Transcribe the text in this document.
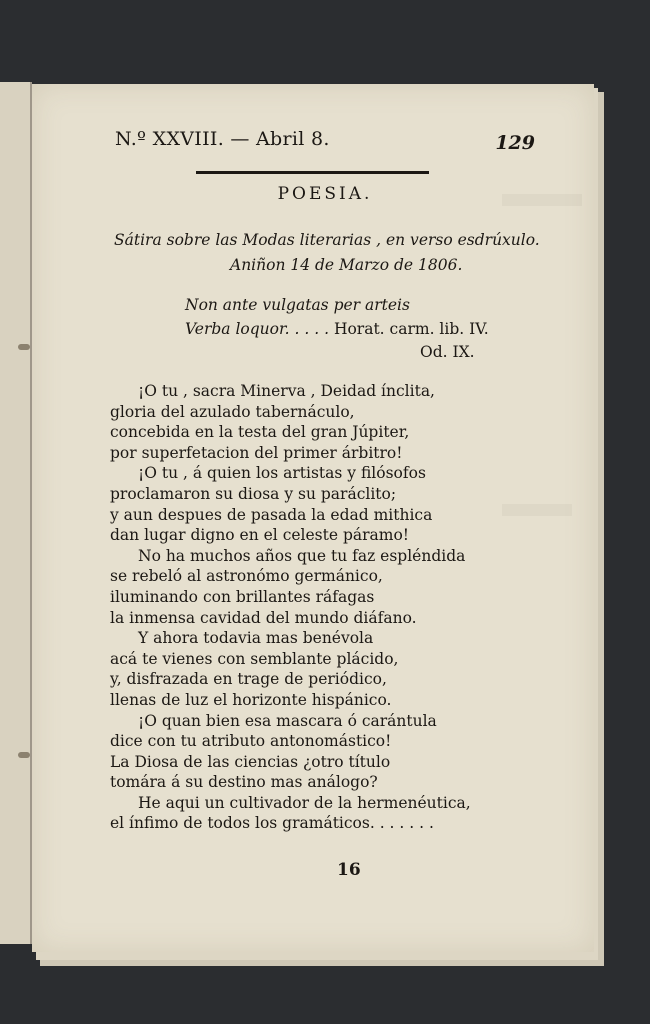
N.º XXVIII. — Abril 8.	129
POESIA.
Sátira sobre las Modas literarias , en verso esdrúxulo.
Aniñon 14 de Marzo de 1806.
Non ante vulgatas per arteis
Verba loquor. . . . . Horat. carm. lib. IV.
Od. IX.
¡O tu , sacra Minerva , Deidad ínclita,
gloria del azulado tabernáculo,
concebida en la testa del gran Júpiter,
por superfetacion del primer árbitro!
¡O tu , á quien los artistas y filósofos
proclamaron su diosa y su paráclito;
y aun despues de pasada la edad mithica
dan lugar digno en el celeste páramo!
No ha muchos años que tu faz espléndida
se rebeló al astronómo germánico,
iluminando con brillantes ráfagas
la inmensa cavidad del mundo diáfano.
Y ahora todavia mas benévola
acá te vienes con semblante plácido,
y, disfrazada en trage de periódico,
llenas de luz el horizonte hispánico.
¡O quan bien esa mascara ó carántula
dice con tu atributo antonomástico!
La Diosa de las ciencias ¿otro título
tomára á su destino mas análogo?
He aqui un cultivador de la hermenéutica,
el ínfimo de todos los gramáticos. . . . . . .
16
